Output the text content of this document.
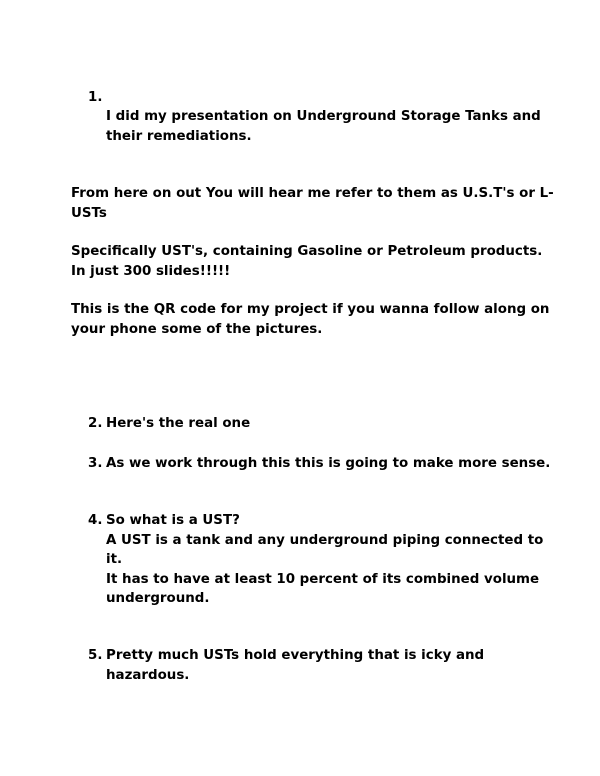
1.
I did my presentation on Underground Storage Tanks and
their remediations.
From here on out You will hear me refer to them as U.S.T's or L-
USTs
Specifically UST's, containing Gasoline or Petroleum products.
In just 300 slides!!!!!
This is the QR code for my project if you wanna follow along on
your phone some of the pictures.
2. Here's the real one
3. As we work through this this is going to make more sense.
4. So what is a UST?
A UST is a tank and any underground piping connected to
it.
It has to have at least 10 percent of its combined volume
underground.
5. Pretty much USTs hold everything that is icky and
hazardous.
